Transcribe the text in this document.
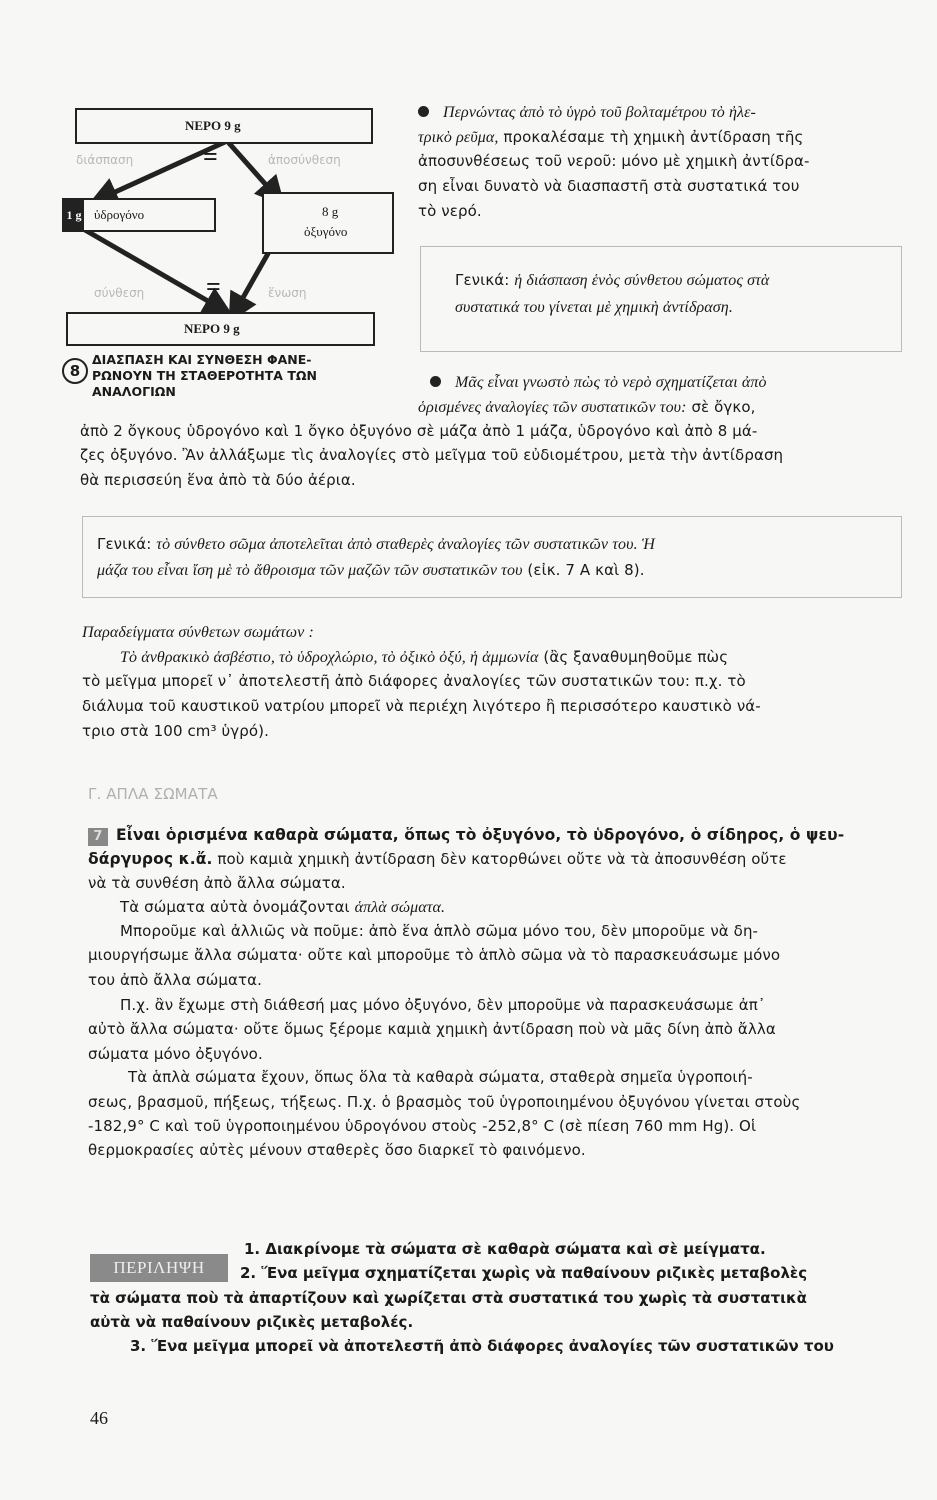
διάσπαση	ἀποσύνθεση
σύνθεση	ἕνωση
ΝΕΡΟ 9 g
=
1 g ὑδρογόνο	8 g
ὀξυγόνο
=
ΝΕΡΟ 9 g
8
ΔΙΑΣΠΑΣΗ ΚΑΙ ΣΥΝΘΕΣΗ ΦΑΝΕ-
ΡΩΝΟΥΝ ΤΗ ΣΤΑΘΕΡΟΤΗΤΑ ΤΩΝ
ΑΝΑΛΟΓΙΩΝ
Περνώντας ἀπὸ τὸ ὑγρὸ τοῦ βολταμέτρου τὸ ἠλε-
τρικὸ ρεῦμα, προκαλέσαμε τὴ χημικὴ ἀντίδραση τῆς
ἀποσυνθέσεως τοῦ νεροῦ: μόνο μὲ χημικὴ ἀντίδρα-
ση εἶναι δυνατὸ νὰ διασπαστῆ στὰ συστατικά του
τὸ νερό.
Γενικά: ἡ διάσπαση ἑνὸς σύνθετου σώματος στὰ
συστατικά του γίνεται μὲ χημικὴ ἀντίδραση.
Μᾶς εἶναι γνωστὸ πὼς τὸ νερὸ σχηματίζεται ἀπὸ
ὁρισμένες ἀναλογίες τῶν συστατικῶν του: σὲ ὄγκο,
ἀπὸ 2 ὄγκους ὑδρογόνο καὶ 1 ὄγκο ὀξυγόνο σὲ μάζα ἀπὸ 1 μάζα, ὑδρογόνο καὶ ἀπὸ 8 μά-
ζες ὀξυγόνο. Ἂν ἀλλάξωμε τὶς ἀναλογίες στὸ μεῖγμα τοῦ εὐδιομέτρου, μετὰ τὴν ἀντίδραση
θὰ περισσεύη ἕνα ἀπὸ τὰ δύο ἀέρια.
Γενικά: τὸ σύνθετο σῶμα ἀποτελεῖται ἀπὸ σταθερὲς ἀναλογίες τῶν συστατικῶν του. Ἡ
μάζα του εἶναι ἴση μὲ τὸ ἄθροισμα τῶν μαζῶν τῶν συστατικῶν του (εἰκ. 7 Α καὶ 8).
Παραδείγματα σύνθετων σωμάτων :
Τὸ ἀνθρακικὸ ἀσβέστιο, τὸ ὑδροχλώριο, τὸ ὀξικὸ ὀξύ, ἡ ἀμμωνία (ἂς ξαναθυμηθοῦμε πὼς
τὸ μεῖγμα μπορεῖ ν᾽ ἀποτελεστῆ ἀπὸ διάφορες ἀναλογίες τῶν συστατικῶν του: π.χ. τὸ
διάλυμα τοῦ καυστικοῦ νατρίου μπορεῖ νὰ περιέχη λιγότερο ἢ περισσότερο καυστικὸ νά-
τριο στὰ 100 cm³ ὑγρό).
Γ. ΑΠΛΑ ΣΩΜΑΤΑ
7 Εἶναι ὁρισμένα καθαρὰ σώματα, ὅπως τὸ ὀξυγόνο, τὸ ὑδρογόνο, ὁ σίδηρος, ὁ ψευ-
δάργυρος κ.ἄ. ποὺ καμιὰ χημικὴ ἀντίδραση δὲν κατορθώνει οὔτε νὰ τὰ ἀποσυνθέση οὔτε
νὰ τὰ συνθέση ἀπὸ ἄλλα σώματα.
Τὰ σώματα αὐτὰ ὀνομάζονται ἁπλὰ σώματα.
Μποροῦμε καὶ ἀλλιῶς νὰ ποῦμε: ἀπὸ ἕνα ἁπλὸ σῶμα μόνο του, δὲν μποροῦμε νὰ δη-
μιουργήσωμε ἄλλα σώματα· οὔτε καὶ μποροῦμε τὸ ἁπλὸ σῶμα νὰ τὸ παρασκευάσωμε μόνο
του ἀπὸ ἄλλα σώματα.
Π.χ. ἂν ἔχωμε στὴ διάθεσή μας μόνο ὀξυγόνο, δὲν μποροῦμε νὰ παρασκευάσωμε ἀπ᾽
αὐτὸ ἄλλα σώματα· οὔτε ὅμως ξέρομε καμιὰ χημικὴ ἀντίδραση ποὺ νὰ μᾶς δίνη ἀπὸ ἄλλα
σώματα μόνο ὀξυγόνο.
Τὰ ἁπλὰ σώματα ἔχουν, ὅπως ὅλα τὰ καθαρὰ σώματα, σταθερὰ σημεῖα ὑγροποιή-
σεως, βρασμοῦ, πήξεως, τήξεως. Π.χ. ὁ βρασμὸς τοῦ ὑγροποιημένου ὀξυγόνου γίνεται στοὺς
-182,9° C καὶ τοῦ ὑγροποιημένου ὑδρογόνου στοὺς -252,8° C (σὲ πίεση 760 mm Hg). Οἱ
θερμοκρασίες αὐτὲς μένουν σταθερὲς ὅσο διαρκεῖ τὸ φαινόμενο.
ΠΕΡΙΛΗΨΗ
1. Διακρίνομε τὰ σώματα σὲ καθαρὰ σώματα καὶ σὲ μείγματα.
2. Ἕνα μεῖγμα σχηματίζεται χωρὶς νὰ παθαίνουν ριζικὲς μεταβολὲς
τὰ σώματα ποὺ τὰ ἀπαρτίζουν καὶ χωρίζεται στὰ συστατικά του χωρὶς τὰ συστατικὰ
αὐτὰ νὰ παθαίνουν ριζικὲς μεταβολές.
3. Ἕνα μεῖγμα μπορεῖ νὰ ἀποτελεστῆ ἀπὸ διάφορες ἀναλογίες τῶν συστατικῶν του
46
